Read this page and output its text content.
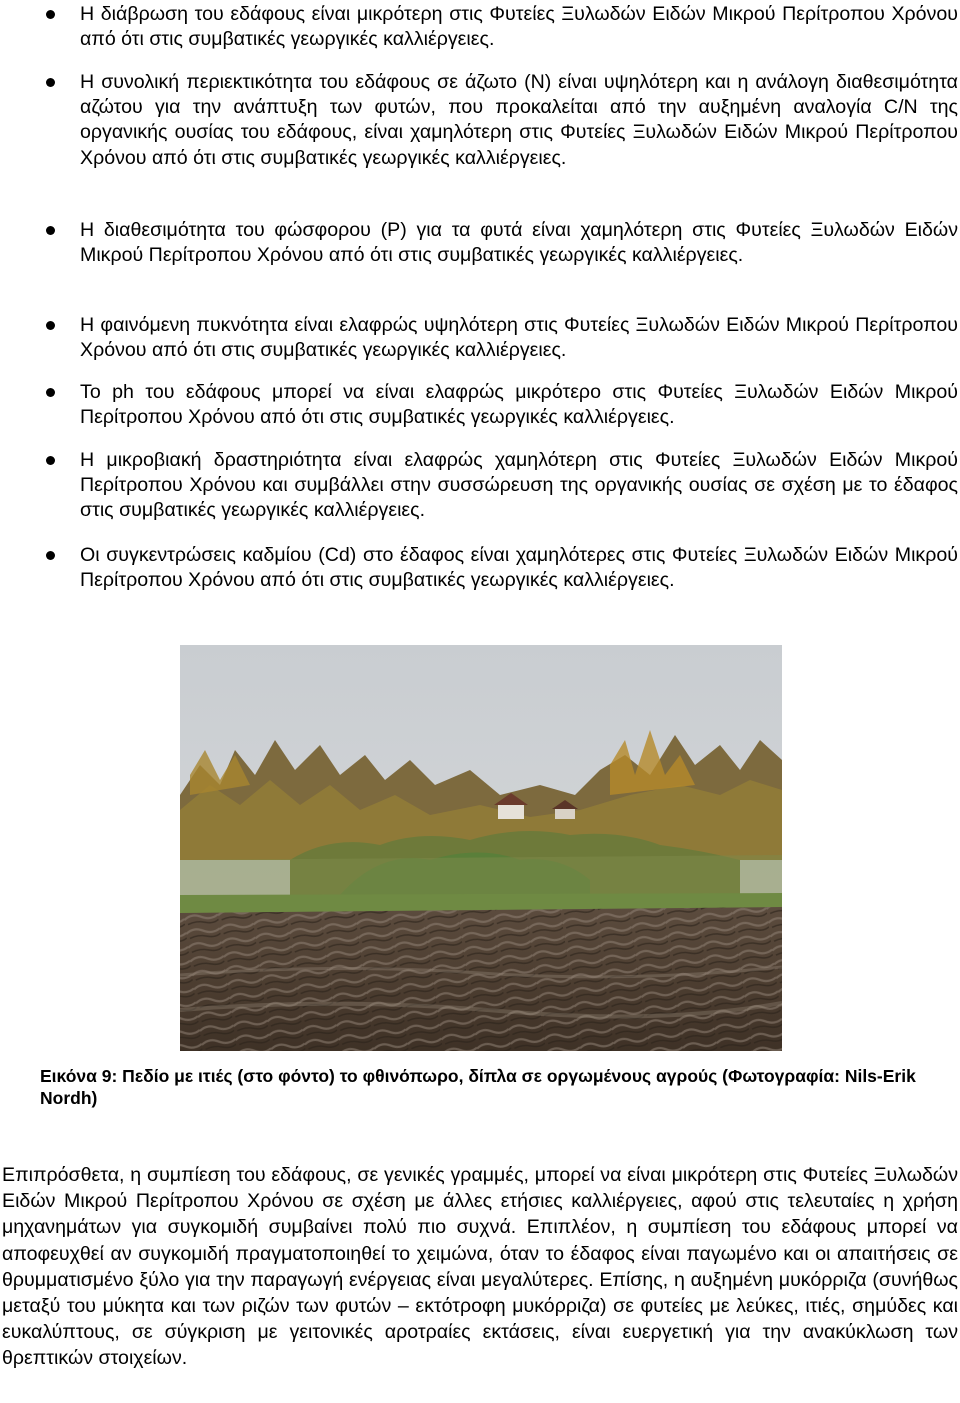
Η διάβρωση του εδάφους είναι μικρότερη στις Φυτείες Ξυλωδών Ειδών Μικρού Περίτροπου Χρόνου από ότι στις συμβατικές γεωργικές καλλιέργειες.
Η συνολική περιεκτικότητα του εδάφους σε άζωτο (N) είναι υψηλότερη και η ανάλογη διαθεσιμότητα αζώτου για την ανάπτυξη των φυτών, που προκαλείται από την αυξημένη αναλογία C/N της οργανικής ουσίας του εδάφους, είναι χαμηλότερη στις Φυτείες Ξυλωδών Ειδών Μικρού Περίτροπου Χρόνου από ότι στις συμβατικές γεωργικές καλλιέργειες.
Η διαθεσιμότητα του φώσφορου (P) για τα φυτά είναι χαμηλότερη στις Φυτείες Ξυλωδών Ειδών Μικρού Περίτροπου Χρόνου από ότι στις συμβατικές γεωργικές καλλιέργειες.
Η φαινόμενη πυκνότητα είναι ελαφρώς υψηλότερη στις Φυτείες Ξυλωδών Ειδών Μικρού Περίτροπου Χρόνου από ότι στις συμβατικές γεωργικές καλλιέργειες.
Το ph του εδάφους μπορεί να είναι ελαφρώς μικρότερο στις Φυτείες Ξυλωδών Ειδών Μικρού Περίτροπου Χρόνου από ότι στις συμβατικές γεωργικές καλλιέργειες.
Η μικροβιακή δραστηριότητα είναι ελαφρώς χαμηλότερη στις Φυτείες Ξυλωδών Ειδών Μικρού Περίτροπου Χρόνου και συμβάλλει στην συσσώρευση της οργανικής ουσίας σε σχέση με το έδαφος στις συμβατικές γεωργικές καλλιέργειες.
Οι συγκεντρώσεις καδμίου (Cd) στο έδαφος είναι χαμηλότερες στις Φυτείες Ξυλωδών Ειδών Μικρού Περίτροπου Χρόνου από ότι στις συμβατικές γεωργικές καλλιέργειες.
Εικόνα 9: Πεδίο με ιτιές (στο φόντο) το φθινόπωρο, δίπλα σε οργωμένους αγρούς (Φωτογραφία: Nils-Erik Nordh)

Επιπρόσθετα, η συμπίεση του εδάφους, σε γενικές γραμμές, μπορεί να είναι μικρότερη στις Φυτείες Ξυλωδών Ειδών Μικρού Περίτροπου Χρόνου σε σχέση με άλλες ετήσιες καλλιέργειες, αφού στις τελευταίες η χρήση μηχανημάτων για συγκομιδή συμβαίνει πολύ πιο συχνά. Επιπλέον, η συμπίεση του εδάφους μπορεί να αποφευχθεί αν συγκομιδή πραγματοποιηθεί το χειμώνα, όταν το έδαφος είναι παγωμένο και οι απαιτήσεις σε θρυμματισμένο ξύλο για την παραγωγή ενέργειας είναι μεγαλύτερες. Επίσης, η αυξημένη μυκόρριζα (συνήθως μεταξύ του μύκητα και των ριζών των φυτών – εκτότροφη μυκόρριζα) σε φυτείες με λεύκες, ιτιές, σημύδες και ευκαλύπτους, σε σύγκριση με γειτονικές αροτραίες εκτάσεις, είναι ευεργετική για την ανακύκλωση των θρεπτικών στοιχείων.
